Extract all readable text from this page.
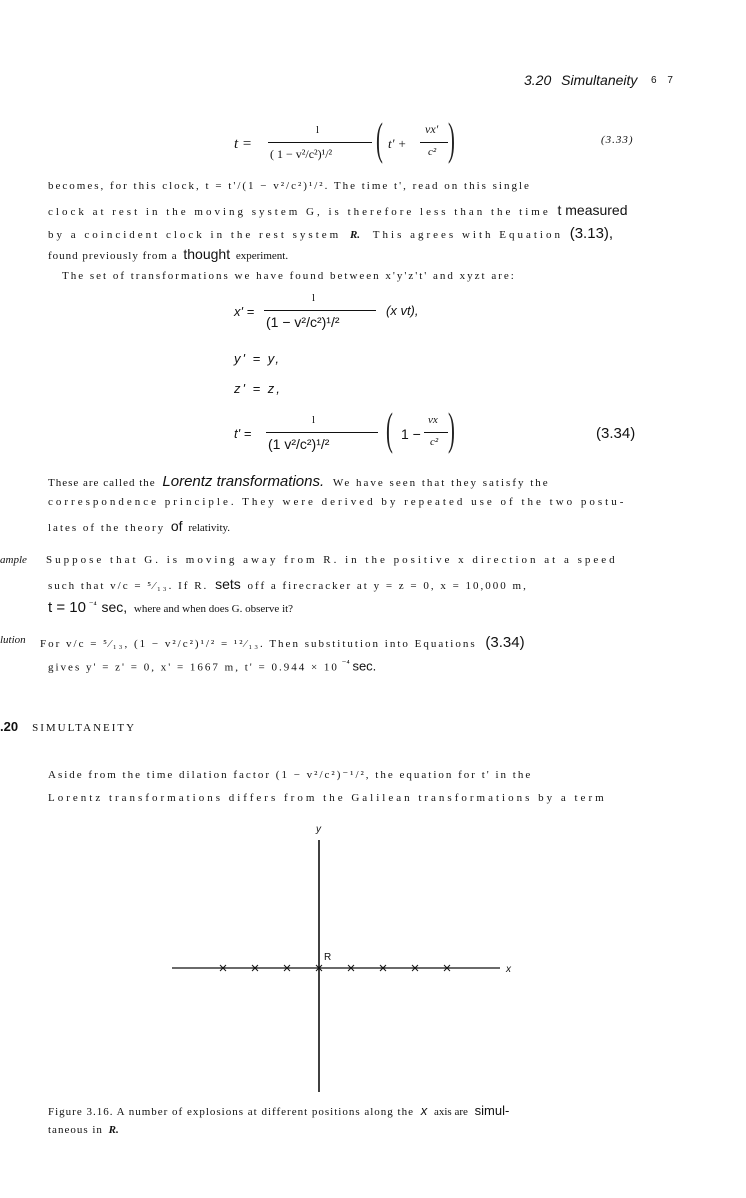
3.20 Simultaneity 6 7
t =
l
( 1 − v²/c²)¹/² ( t' +
vx'
c² )	(3.33)
becomes, for this clock, t = t'/(1 − v²/c²)¹/². The time t', read on this single
clock at rest in the moving system G, is therefore less than the time t measured
by a coincident clock in the rest system R. This agrees with Equation (3.13),
found previously from a thought experiment.
The set of transformations we have found between x'y'z't' and xyzt are:
x' =
l
(1 − v²/c²)¹/²
(x vt),
y' = y,
z' = z,
t' =
l
(1 v²/c²)¹/² ( 1 −
vx
c² )	(3.34)
These are called the Lorentz transformations. We have seen that they satisfy the
correspondence principle. They were derived by repeated use of the two postu-
lates of the theory of relativity.
ample Suppose that G. is moving away from R. in the positive x direction at a speed
such that v/c = ⁵⁄₁₃. If R. sets off a firecracker at y = z = 0, x = 10,000 m,
t = 10 $^{^{-4}}$ sec, where and when does G. observe it?
lution For v/c = ⁵⁄₁₃, (1 − v²/c²)¹/² = ¹²⁄₁₃. Then substitution into Equations (3.34)
gives y' = z' = 0, x' = 1667 m, t' = 0.944 × 10 $^{^{-4}}$ sec.
.20 SIMULTANEITY
Aside from the time dilation factor (1 − v²/c²)⁻¹/², the equation for t' in the
Lorentz transformations differs from the Galilean transformations by a term
y
x
R
Figure 3.16. A number of explosions at different positions along the x axis are simul-
taneous in R.
